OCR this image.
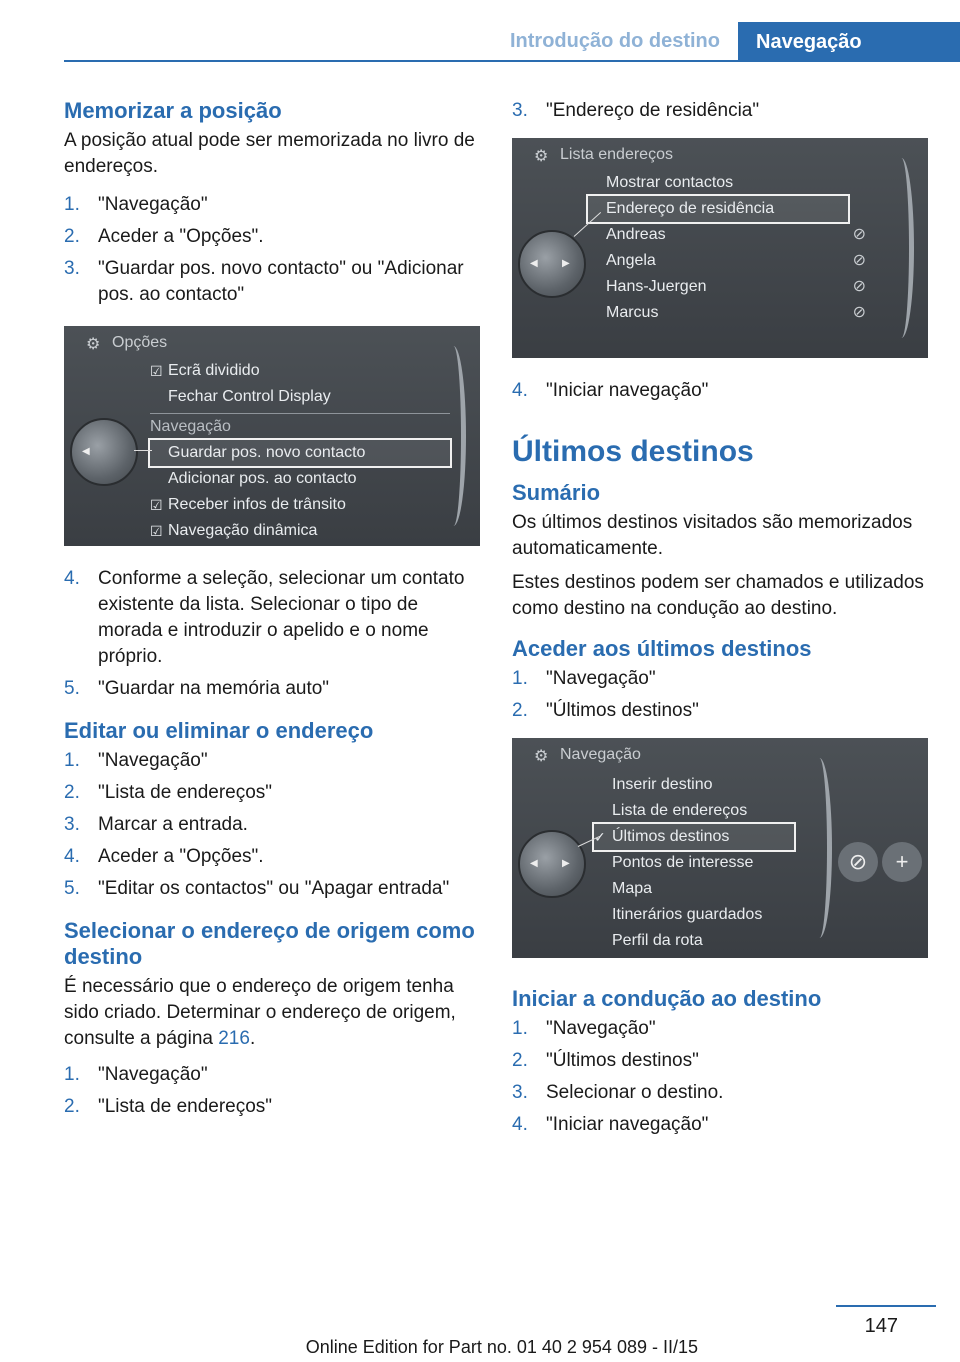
Introdução do destino	Navegação
Memorizar a posição

A posição atual pode ser memorizada no livro de endereços.

1. "Navegação"
2. Aceder a "Opções".
3. "Guardar pos. novo contacto" ou "Adicionar pos. ao contacto"
⚙ Opções
☑ Ecrã dividido
Fechar Control Display
Navegação
Guardar pos. novo contacto
Adicionar pos. ao contacto
☑ Receber infos de trânsito
☑ Navegação dinâmica
◀
4. Conforme a seleção, selecionar um contato existente da lista. Selecionar o tipo de morada e introduzir o apelido e o nome próprio.
5. "Guardar na memória auto"
Editar ou eliminar o endereço
1. "Navegação"
2. "Lista de endereços"
3. Marcar a entrada.
4. Aceder a "Opções".
5. "Editar os contactos" ou "Apagar entrada"
Selecionar o endereço de origem como destino

É necessário que o endereço de origem tenha sido criado. Determinar o endereço de origem, consulte a página 216.

1. "Navegação"
2. "Lista de endereços"
3. "Endereço de residência"
⚙ Lista endereços
Mostrar contactos
Endereço de residência
Andreas	⊘
Angela	⊘
Hans-Juergen	⊘
Marcus	⊘
◀ ▶
4. "Iniciar navegação"
Últimos destinos
Sumário

Os últimos destinos visitados são memorizados automaticamente.

Estes destinos podem ser chamados e utilizados como destino na condução ao destino.

Aceder aos últimos destinos
1. "Navegação"
2. "Últimos destinos"
⚙ Navegação
Inserir destino
Lista de endereços
✓ Últimos destinos
Pontos de interesse
Mapa
Itinerários guardados
Perfil da rota
◀ ▶	⊘	+
Iniciar a condução ao destino
1. "Navegação"
2. "Últimos destinos"
3. Selecionar o destino.
4. "Iniciar navegação"
147
Online Edition for Part no. 01 40 2 954 089 - II/15
